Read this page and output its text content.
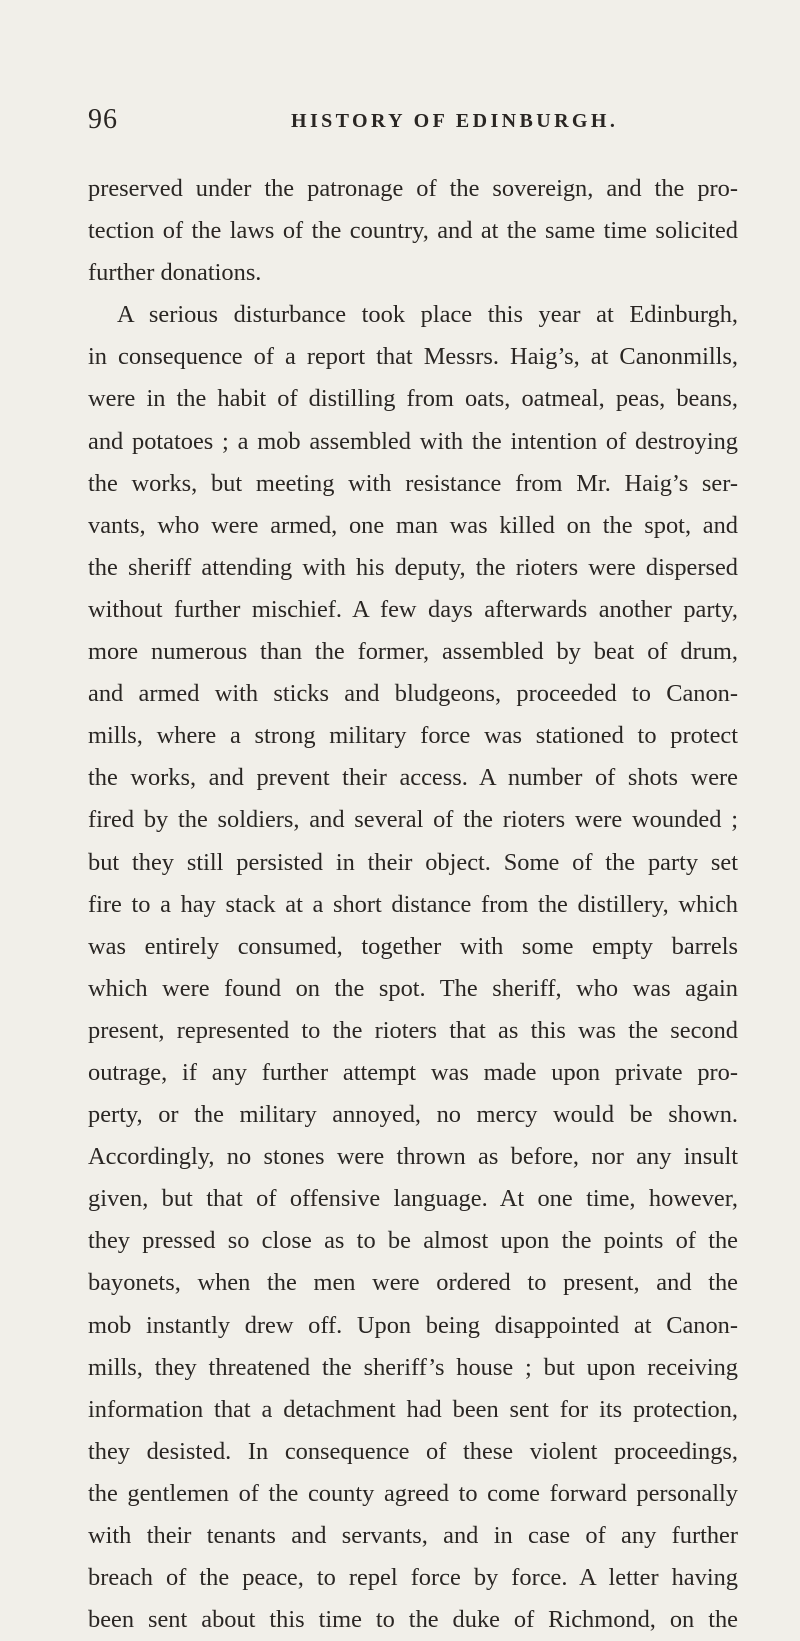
96	HISTORY OF EDINBURGH.
preserved under the patronage of the sovereign, and the pro-
tection of the laws of the country, and at the same time solicited
further donations.
A serious disturbance took place this year at Edinburgh,
in consequence of a report that Messrs. Haig’s, at Canonmills,
were in the habit of distilling from oats, oatmeal, peas, beans,
and potatoes ; a mob assembled with the intention of destroying
the works, but meeting with resistance from Mr. Haig’s ser-
vants, who were armed, one man was killed on the spot, and
the sheriff attending with his deputy, the rioters were dispersed
without further mischief. A few days afterwards another party,
more numerous than the former, assembled by beat of drum,
and armed with sticks and bludgeons, proceeded to Canon-
mills, where a strong military force was stationed to protect
the works, and prevent their access. A number of shots were
fired by the soldiers, and several of the rioters were wounded ;
but they still persisted in their object. Some of the party set
fire to a hay stack at a short distance from the distillery, which
was entirely consumed, together with some empty barrels
which were found on the spot. The sheriff, who was again
present, represented to the rioters that as this was the second
outrage, if any further attempt was made upon private pro-
perty, or the military annoyed, no mercy would be shown.
Accordingly, no stones were thrown as before, nor any insult
given, but that of offensive language. At one time, however,
they pressed so close as to be almost upon the points of the
bayonets, when the men were ordered to present, and the
mob instantly drew off. Upon being disappointed at Canon-
mills, they threatened the sheriff’s house ; but upon receiving
information that a detachment had been sent for its protection,
they desisted. In consequence of these violent proceedings,
the gentlemen of the county agreed to come forward personally
with their tenants and servants, and in case of any further
breach of the peace, to repel force by force. A letter having
been sent about this time to the duke of Richmond, on the
